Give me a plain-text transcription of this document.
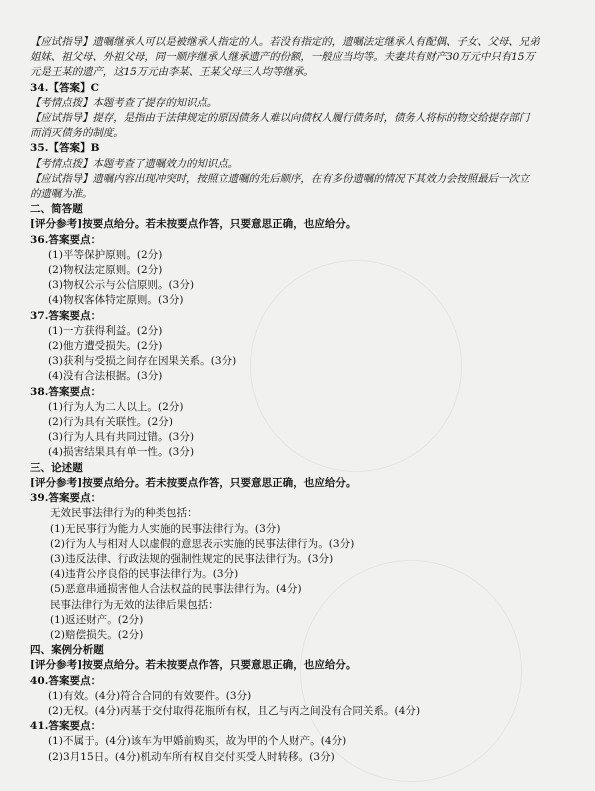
【应试指导】遗嘱继承人可以是被继承人指定的人。若没有指定的，遗嘱法定继承人有配偶、子女、父母、兄弟
姐妹、祖父母、外祖父母，同一顺序继承人继承遗产的份额，一般应当均等。夫妻共有财产30万元中只有15万
元是王某的遗产，这15万元由李某、王某父母三人均等继承。
34.【答案】C
【考情点拨】本题考查了提存的知识点。
【应试指导】提存，是指由于法律规定的原因债务人难以向债权人履行债务时，债务人将标的物交给提存部门
而消灭债务的制度。
35.【答案】B
【考情点拨】本题考查了遗嘱效力的知识点。
【应试指导】遗嘱内容出现冲突时，按照立遗嘱的先后顺序，在有多份遗嘱的情况下其效力会按照最后一次立
的遗嘱为准。
二、简答题
[评分参考]按要点给分。若未按要点作答，只要意思正确，也应给分。
36.答案要点：
(1)平等保护原则。(2分)
(2)物权法定原则。(2分)
(3)物权公示与公信原则。(3分)
(4)物权客体特定原则。(3分)
37.答案要点：
(1)一方获得利益。(2分)
(2)他方遭受损失。(2分)
(3)获利与受损之间存在因果关系。(3分)
(4)没有合法根据。(3分)
38.答案要点：
(1)行为人为二人以上。(2分)
(2)行为具有关联性。(2分)
(3)行为人具有共同过错。(3分)
(4)损害结果具有单一性。(3分)
三、论述题
[评分参考]按要点给分。若未按要点作答，只要意思正确，也应给分。
39.答案要点：
无效民事法律行为的种类包括：
(1)无民事行为能力人实施的民事法律行为。(3分)
(2)行为人与相对人以虚假的意思表示实施的民事法律行为。(3分)
(3)违反法律、行政法规的强制性规定的民事法律行为。(3分)
(4)违背公序良俗的民事法律行为。(3分)
(5)恶意串通损害他人合法权益的民事法律行为。(4分)
民事法律行为无效的法律后果包括：
(1)返还财产。(2分)
(2)赔偿损失。(2分)
四、案例分析题
[评分参考]按要点给分。若未按要点作答，只要意思正确，也应给分。
40.答案要点：
(1)有效。(4分)符合合同的有效要件。(3分)
(2)无权。(4分)丙基于交付取得花瓶所有权，且乙与丙之间没有合同关系。(4分)
41.答案要点：
(1)不属于。(4分)该车为甲婚前购买，故为甲的个人财产。(4分)
(2)3月15日。(4分)机动车所有权自交付买受人时转移。(3分)
